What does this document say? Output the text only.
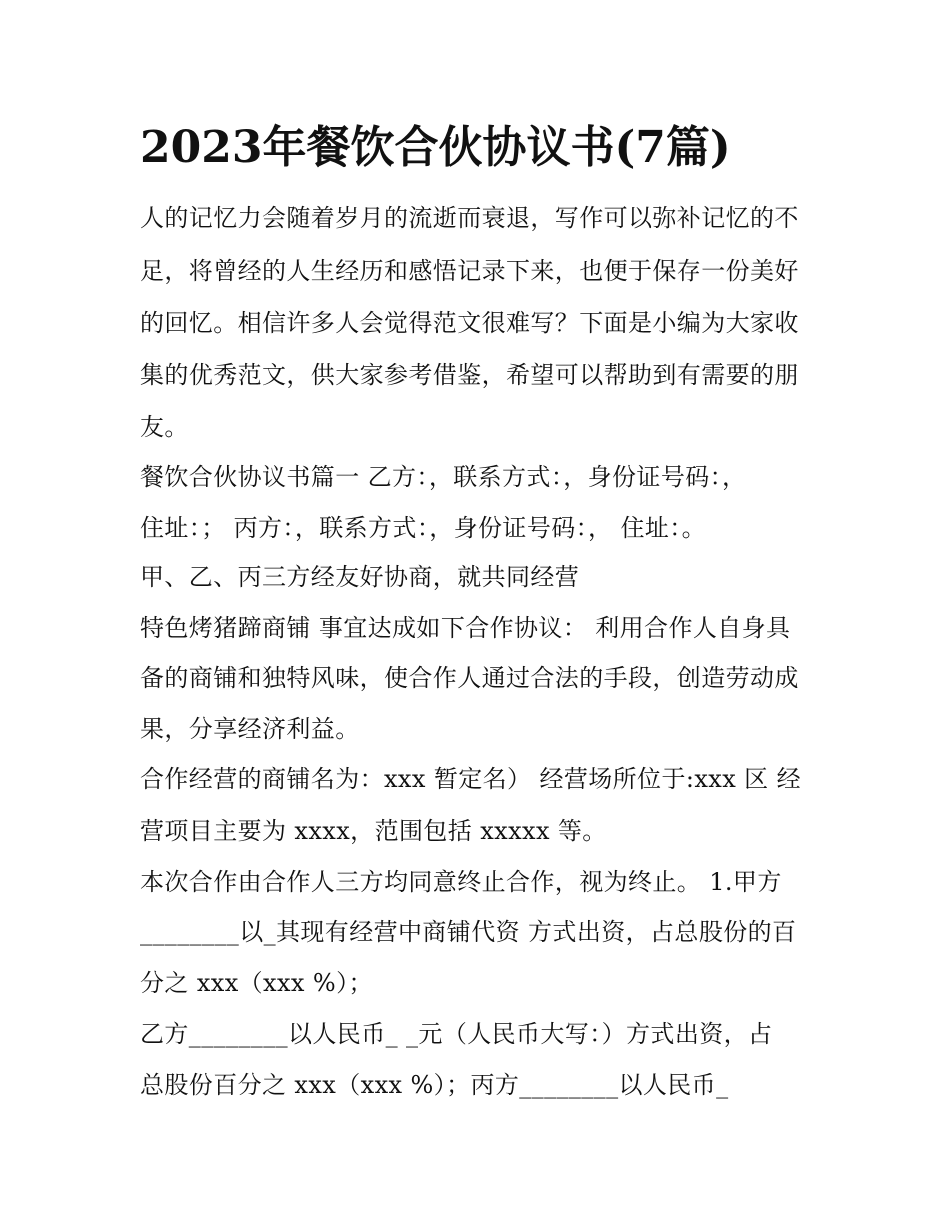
2023年餐饮合伙协议书(7篇)
人的记忆力会随着岁月的流逝而衰退，写作可以弥补记忆的不
足，将曾经的人生经历和感悟记录下来，也便于保存一份美好
的回忆。相信许多人会觉得范文很难写？下面是小编为大家收
集的优秀范文，供大家参考借鉴，希望可以帮助到有需要的朋
友。
餐饮合伙协议书篇一 乙方：，联系方式：，身份证号码：，
住址：； 丙方：，联系方式：，身份证号码：， 住址：。
甲、乙、丙三方经友好协商，就共同经营
特色烤猪蹄商铺 事宜达成如下合作协议： 利用合作人自身具
备的商铺和独特风味，使合作人通过合法的手段，创造劳动成
果，分享经济利益。
合作经营的商铺名为：xxx 暂定名） 经营场所位于:xxx 区 经
营项目主要为 xxxx，范围包括 xxxxx 等。
本次合作由合作人三方均同意终止合作，视为终止。 1.甲方
________以_其现有经营中商铺代资 方式出资，占总股份的百
分之 xxx（xxx %）；
乙方________以人民币_ _元（人民币大写：）方式出资，占
总股份百分之 xxx（xxx %）；丙方________以人民币_
